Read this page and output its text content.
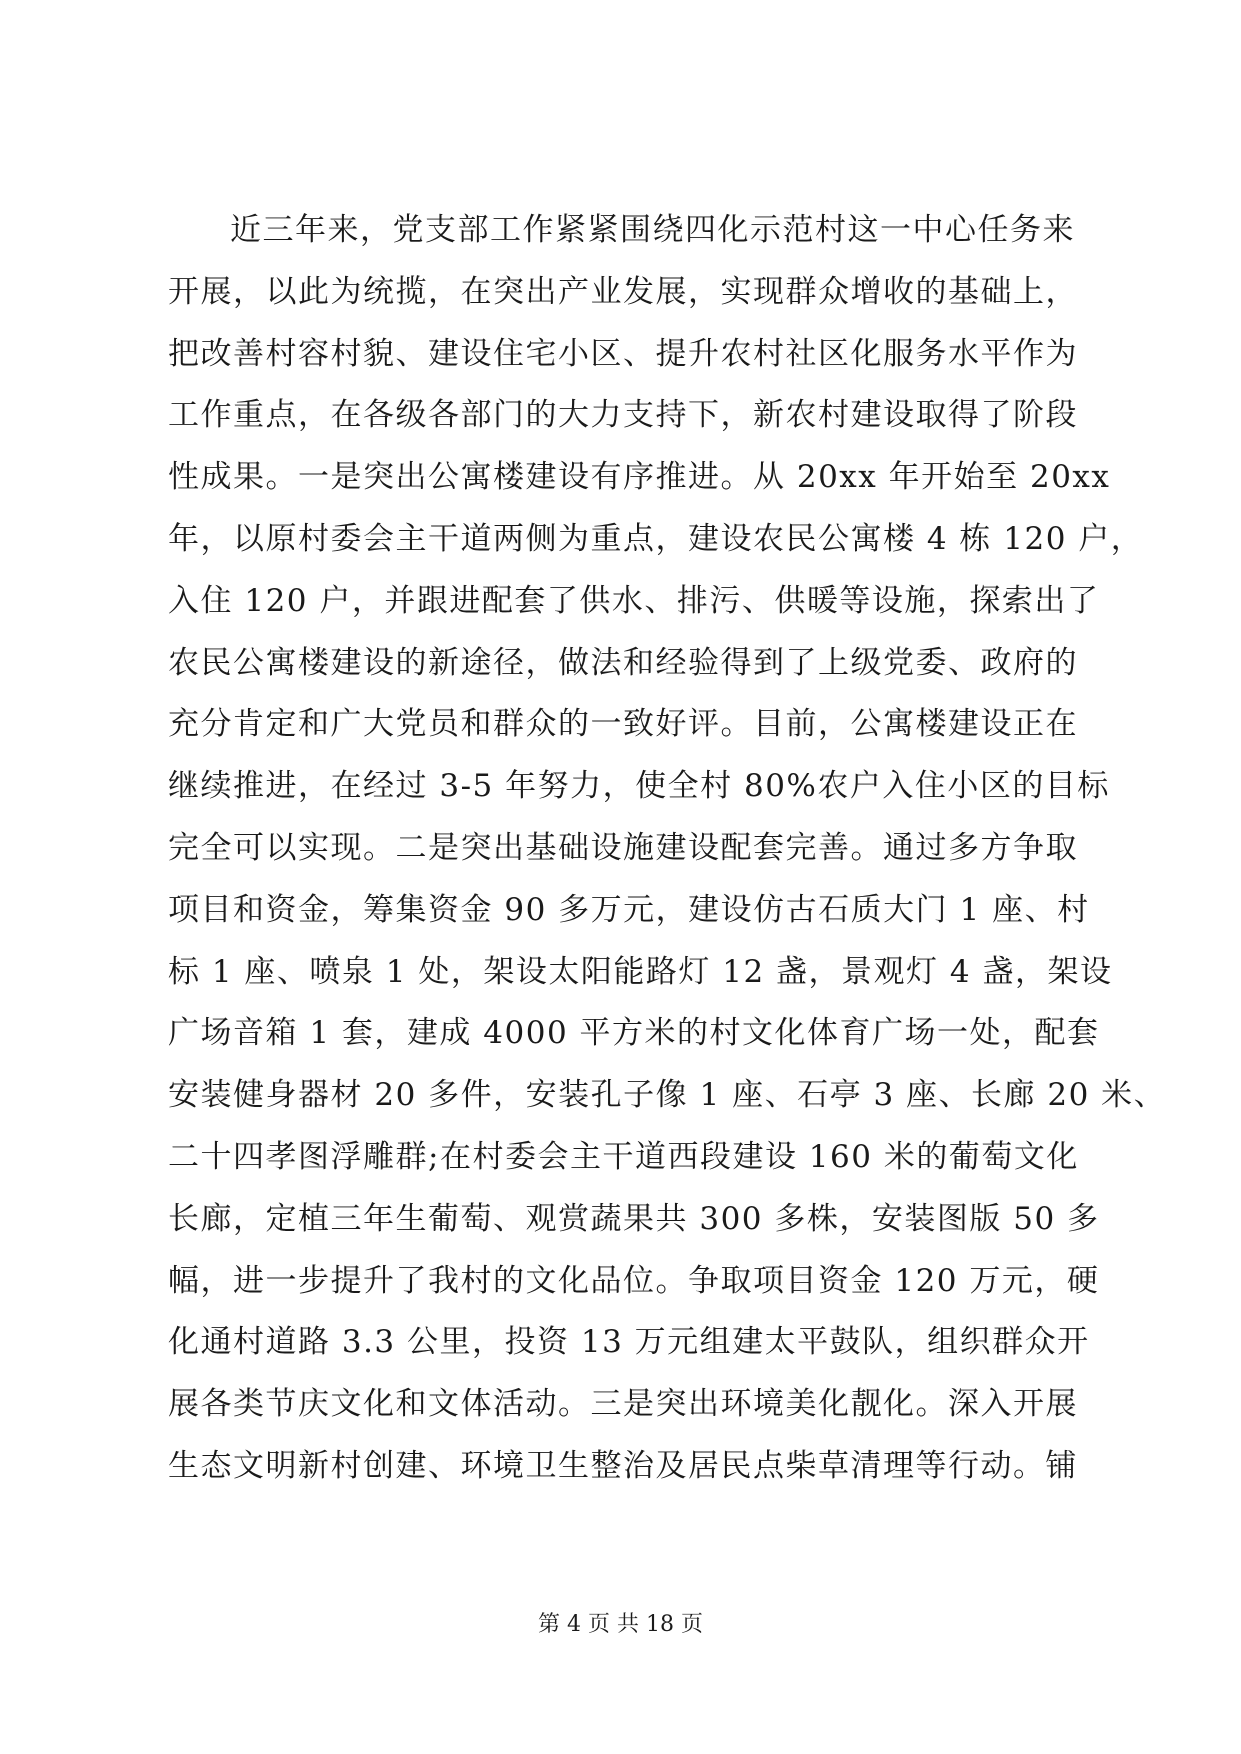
近三年来，党支部工作紧紧围绕四化示范村这一中心任务来
开展，以此为统揽，在突出产业发展，实现群众增收的基础上，
把改善村容村貌、建设住宅小区、提升农村社区化服务水平作为
工作重点，在各级各部门的大力支持下，新农村建设取得了阶段
性成果。一是突出公寓楼建设有序推进。从 20xx 年开始至 20xx
年，以原村委会主干道两侧为重点，建设农民公寓楼 4 栋 120 户，
入住 120 户，并跟进配套了供水、排污、供暖等设施，探索出了
农民公寓楼建设的新途径，做法和经验得到了上级党委、政府的
充分肯定和广大党员和群众的一致好评。目前，公寓楼建设正在
继续推进，在经过 3-5 年努力，使全村 80%农户入住小区的目标
完全可以实现。二是突出基础设施建设配套完善。通过多方争取
项目和资金，筹集资金 90 多万元，建设仿古石质大门 1 座、村
标 1 座、喷泉 1 处，架设太阳能路灯 12 盏，景观灯 4 盏，架设
广场音箱 1 套，建成 4000 平方米的村文化体育广场一处，配套
安装健身器材 20 多件，安装孔子像 1 座、石亭 3 座、长廊 20 米、
二十四孝图浮雕群;在村委会主干道西段建设 160 米的葡萄文化
长廊，定植三年生葡萄、观赏蔬果共 300 多株，安装图版 50 多
幅，进一步提升了我村的文化品位。争取项目资金 120 万元，硬
化通村道路 3.3 公里，投资 13 万元组建太平鼓队，组织群众开
展各类节庆文化和文体活动。三是突出环境美化靓化。深入开展
生态文明新村创建、环境卫生整治及居民点柴草清理等行动。铺
第 4 页 共 18 页
